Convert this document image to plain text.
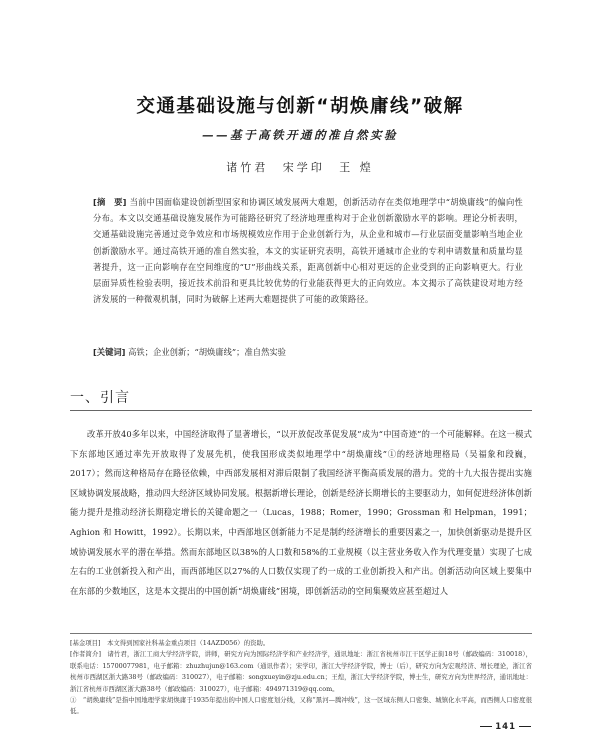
交通基础设施与创新“胡焕庸线”破解
——基于高铁开通的准自然实验
诸竹君 宋学印 王 煌
[摘　要] 当前中国面临建设创新型国家和协调区域发展两大难题，创新活动存在类似地理学中“胡焕庸线”的偏向性分布。本文以交通基础设施发展作为可能路径研究了经济地理重构对于企业创新激励水平的影响。理论分析表明，交通基础设施完善通过竞争效应和市场规模效应作用于企业创新行为，从企业和城市—行业层面变量影响当地企业创新激励水平。通过高铁开通的准自然实验，本文的实证研究表明，高铁开通城市企业的专利申请数量和质量均显著提升，这一正向影响存在空间维度的“U”形曲线关系，距离创新中心相对更远的企业受到的正向影响更大。行业层面异质性检验表明，接近技术前沿和更具比较优势的行业能获得更大的正向效应。本文揭示了高铁建设对地方经济发展的一种微观机制，同时为破解上述两大难题提供了可能的政策路径。
[关键词] 高铁；企业创新；“胡焕庸线”；准自然实验
一、引言

改革开放40多年以来，中国经济取得了显著增长，“以开放促改革促发展”成为“中国奇迹”的一个可能解释。在这一模式下东部地区通过率先开放取得了发展先机，使我国形成类似地理学中“胡焕庸线”①的经济地理格局（吴福象和段巍，2017）；然而这种格局存在路径依赖，中西部发展相对滞后限制了我国经济平衡高质发展的潜力。党的十九大报告提出实施区域协调发展战略，推动四大经济区域协同发展。根据新增长理论，创新是经济长期增长的主要驱动力，如何促进经济体创新能力提升是推动经济长期稳定增长的关键命题之一（Lucas，1988；Romer，1990；Grossman 和 Helpman，1991；Aghion 和 Howitt，1992）。长期以来，中西部地区创新能力不足是制约经济增长的重要因素之一，加快创新驱动是提升区域协调发展水平的潜在举措。然而东部地区以38%的人口数和58%的工业规模（以主营业务收入作为代理变量）实现了七成左右的工业创新投入和产出，而西部地区以27%的人口数仅实现了约一成的工业创新投入和产出。创新活动向区域上要集中在东部的少数地区，这是本文提出的中国创新“胡焕庸线”困境，即创新活动的空间集聚效应甚至超过人

[基金项目]　本文得到国家社科基金重点项目（14AZD056）的资助。

[作者简介]　诸竹君，浙江工商大学经济学院，讲师，研究方向为国际经济学和产业经济学，通讯地址：浙江省杭州市江干区学正街18号（邮政编码：310018），联系电话：15700077981，电子邮箱：zhuzhujun@163.com（通讯作者）；宋学印，浙江大学经济学院，博士（后），研究方向为宏观经济、增长理论，浙江省杭州市西湖区浙大路38号（邮政编码：310027），电子邮箱：songxueyin@zju.edu.cn；王煌，浙江大学经济学院，博士生，研究方向为世界经济，通讯地址：浙江省杭州市西湖区浙大路38号（邮政编码：310027），电子邮箱：494971319@qq.com。

①　“胡焕庸线”是指中国地理学家胡焕庸于1935年提出的中国人口密度划分线，又称“黑河—腾冲线”，这一区域东侧人口密集、城镇化水平高，而西侧人口密度很低。

141
